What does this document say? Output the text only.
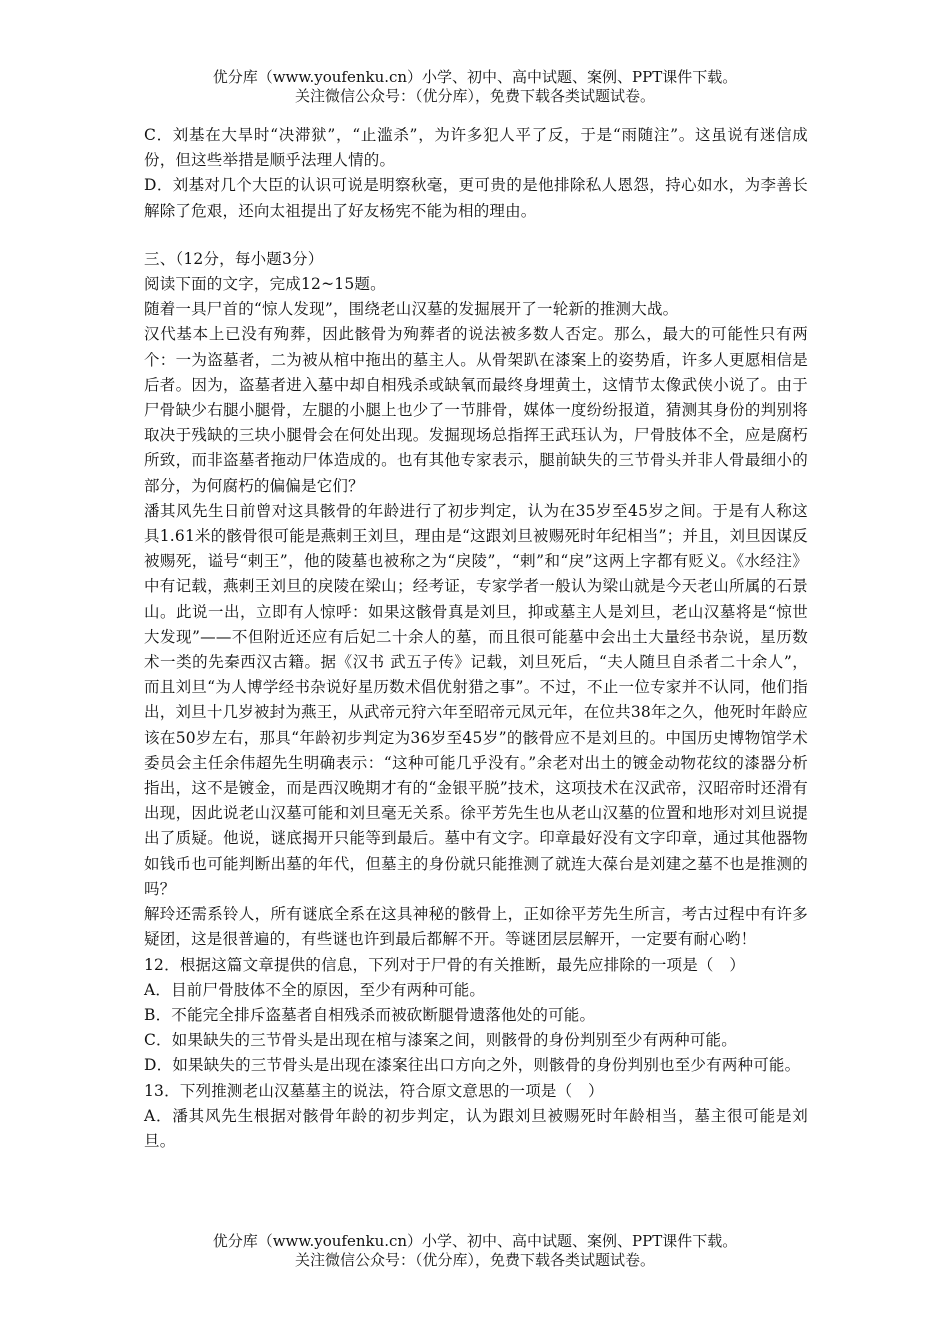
优分库（www.youfenku.cn）小学、初中、高中试题、案例、PPT课件下载。

关注微信公众号：（优分库），免费下载各类试题试卷。

C．刘基在大旱时“决滞狱”，“止滥杀”，为许多犯人平了反，于是“雨随注”。这虽说有迷信成份，但这些举措是顺乎法理人情的。

D．刘基对几个大臣的认识可说是明察秋毫，更可贵的是他排除私人恩怨，持心如水，为李善长解除了危艰，还向太祖提出了好友杨宪不能为相的理由。

三、（12分，每小题3分）

阅读下面的文字，完成12~15题。

随着一具尸首的“惊人发现”，围绕老山汉墓的发掘展开了一轮新的推测大战。

汉代基本上已没有殉葬，因此骸骨为殉葬者的说法被多数人否定。那么，最大的可能性只有两个：一为盗墓者，二为被从棺中拖出的墓主人。从骨架趴在漆案上的姿势盾，许多人更愿相信是后者。因为，盗墓者进入墓中却自相残杀或缺氧而最终身埋黄土，这情节太像武侠小说了。由于尸骨缺少右腿小腿骨，左腿的小腿上也少了一节腓骨，媒体一度纷纷报道，猜测其身份的判别将取决于残缺的三块小腿骨会在何处出现。发掘现场总指挥王武珏认为，尸骨肢体不全，应是腐朽所致，而非盗墓者拖动尸体造成的。也有其他专家表示，腿前缺失的三节骨头并非人骨最细小的部分，为何腐朽的偏偏是它们？

潘其风先生日前曾对这具骸骨的年龄进行了初步判定，认为在35岁至45岁之间。于是有人称这具1.61米的骸骨很可能是燕剌王刘旦，理由是“这跟刘旦被赐死时年纪相当”；并且，刘旦因谋反被赐死，谥号“剌王”，他的陵墓也被称之为“戾陵”，“剌”和“戾”这两上字都有贬义。《水经注》中有记载，燕剌王刘旦的戾陵在梁山；经考证，专家学者一般认为梁山就是今天老山所属的石景山。此说一出，立即有人惊呼：如果这骸骨真是刘旦，抑或墓主人是刘旦，老山汉墓将是“惊世大发现”——不但附近还应有后妃二十余人的墓，而且很可能墓中会出土大量经书杂说，星历数术一类的先秦西汉古籍。据《汉书 武五子传》记载，刘旦死后，“夫人随旦自杀者二十余人”，而且刘旦“为人博学经书杂说好星历数术倡优射猎之事”。不过，不止一位专家并不认同，他们指出，刘旦十几岁被封为燕王，从武帝元狩六年至昭帝元凤元年，在位共38年之久，他死时年龄应该在50岁左右，那具“年龄初步判定为36岁至45岁”的骸骨应不是刘旦的。中国历史博物馆学术委员会主任余伟超先生明确表示：“这种可能几乎没有。”余老对出土的镀金动物花纹的漆器分析指出，这不是镀金，而是西汉晚期才有的“金银平脱”技术，这项技术在汉武帝，汉昭帝时还滑有出现，因此说老山汉墓可能和刘旦毫无关系。徐平芳先生也从老山汉墓的位置和地形对刘旦说提出了质疑。他说，谜底揭开只能等到最后。墓中有文字。印章最好没有文字印章，通过其他器物如钱币也可能判断出墓的年代，但墓主的身份就只能推测了就连大葆台是刘建之墓不也是推测的吗？

解玲还需系铃人，所有谜底全系在这具神秘的骸骨上，正如徐平芳先生所言，考古过程中有许多疑团，这是很普遍的，有些谜也许到最后都解不开。等谜团层层解开，一定要有耐心哟！

12．根据这篇文章提供的信息，下列对于尸骨的有关推断，最先应排除的一项是（　）

A．目前尸骨肢体不全的原因，至少有两种可能。

B．不能完全排斥盗墓者自相残杀而被砍断腿骨遗落他处的可能。

C．如果缺失的三节骨头是出现在棺与漆案之间，则骸骨的身份判别至少有两种可能。

D．如果缺失的三节骨头是出现在漆案往出口方向之外，则骸骨的身份判别也至少有两种可能。

13．下列推测老山汉墓墓主的说法，符合原文意思的一项是（　）

A．潘其风先生根据对骸骨年龄的初步判定，认为跟刘旦被赐死时年龄相当，墓主很可能是刘旦。

优分库（www.youfenku.cn）小学、初中、高中试题、案例、PPT课件下载。

关注微信公众号：（优分库），免费下载各类试题试卷。
